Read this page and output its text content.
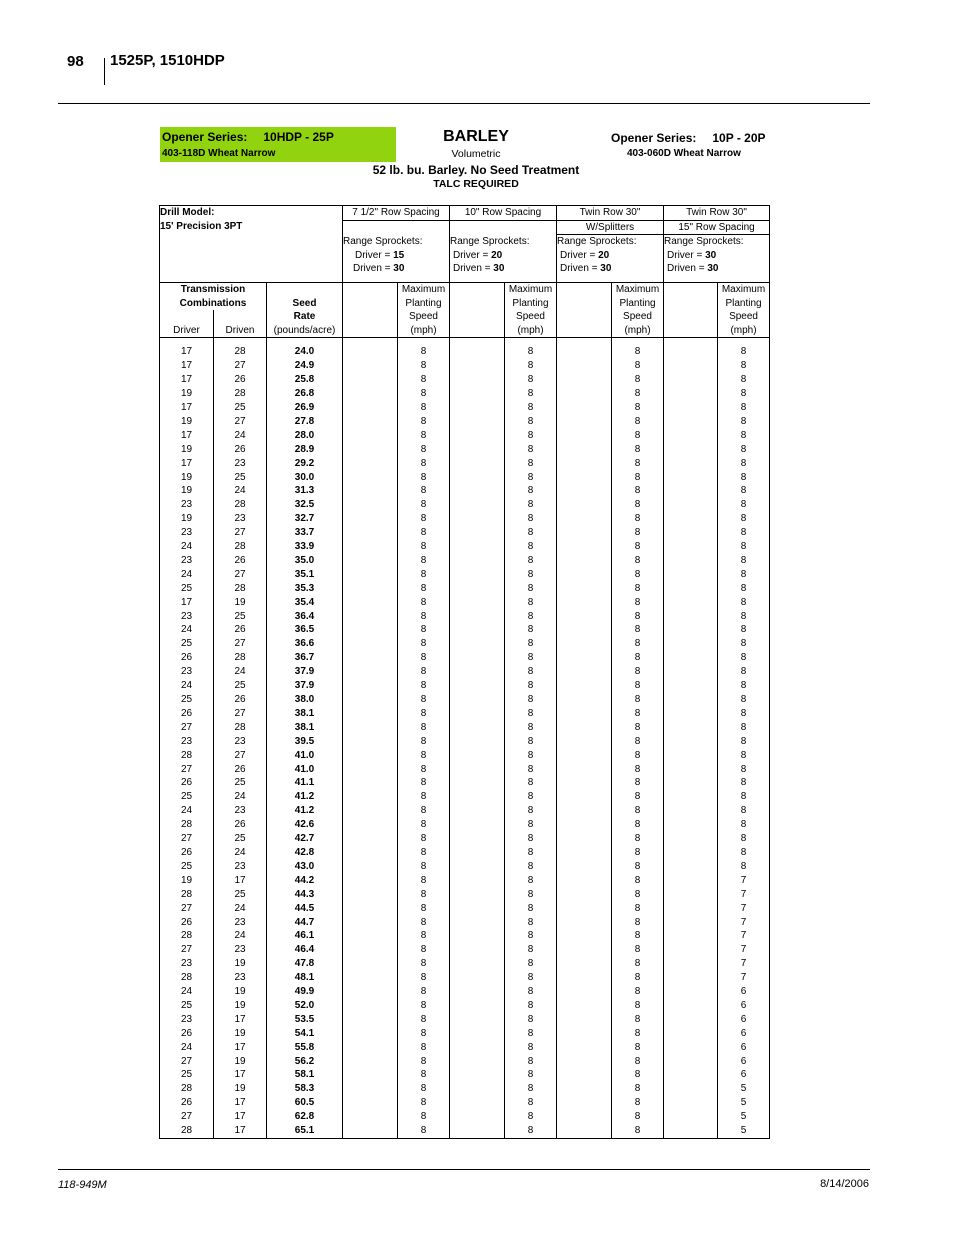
98 1525P, 1510HDP
Opener Series: 10HDP - 25P
403-118D Wheat Narrow
BARLEY
Volumetric
52 lb. bu. Barley. No Seed Treatment
TALC REQUIRED
Opener Series: 10P - 20P
403-060D Wheat Narrow
Drill Model:			7 1/2" Row Spacing		10" Row Spacing		Twin Row 30"		Twin Row 30"	
15' Precision 3PT							W/Splitters		15" Row Spacing	
			Range Sprockets:		Range Sprockets:		Range Sprockets:		Range Sprockets:	
			Driver = 15		Driver = 20		Driver = 20		Driver = 30	
			Driven = 30		Driven = 30		Driven = 30		Driven = 30	

Transmission				Maximum		Maximum		Maximum		Maximum
Combinations		Seed		Planting		Planting		Planting		Planting
		Rate		Speed		Speed		Speed		Speed
Driver	Driven	(pounds/acre)		(mph)		(mph)		(mph)		(mph)

17	28	24.0		8		8		8		8
17	27	24.9		8		8		8		8
17	26	25.8		8		8		8		8
19	28	26.8		8		8		8		8
17	25	26.9		8		8		8		8
19	27	27.8		8		8		8		8
17	24	28.0		8		8		8		8
19	26	28.9		8		8		8		8
17	23	29.2		8		8		8		8
19	25	30.0		8		8		8		8
19	24	31.3		8		8		8		8
23	28	32.5		8		8		8		8
19	23	32.7		8		8		8		8
23	27	33.7		8		8		8		8
24	28	33.9		8		8		8		8
23	26	35.0		8		8		8		8
24	27	35.1		8		8		8		8
25	28	35.3		8		8		8		8
17	19	35.4		8		8		8		8
23	25	36.4		8		8		8		8
24	26	36.5		8		8		8		8
25	27	36.6		8		8		8		8
26	28	36.7		8		8		8		8
23	24	37.9		8		8		8		8
24	25	37.9		8		8		8		8
25	26	38.0		8		8		8		8
26	27	38.1		8		8		8		8
27	28	38.1		8		8		8		8
23	23	39.5		8		8		8		8
28	27	41.0		8		8		8		8
27	26	41.0		8		8		8		8
26	25	41.1		8		8		8		8
25	24	41.2		8		8		8		8
24	23	41.2		8		8		8		8
28	26	42.6		8		8		8		8
27	25	42.7		8		8		8		8
26	24	42.8		8		8		8		8
25	23	43.0		8		8		8		8
19	17	44.2		8		8		8		7
28	25	44.3		8		8		8		7
27	24	44.5		8		8		8		7
26	23	44.7		8		8		8		7
28	24	46.1		8		8		8		7
27	23	46.4		8		8		8		7
23	19	47.8		8		8		8		7
28	23	48.1		8		8		8		7
24	19	49.9		8		8		8		6
25	19	52.0		8		8		8		6
23	17	53.5		8		8		8		6
26	19	54.1		8		8		8		6
24	17	55.8		8		8		8		6
27	19	56.2		8		8		8		6
25	17	58.1		8		8		8		6
28	19	58.3		8		8		8		5
26	17	60.5		8		8		8		5
27	17	62.8		8		8		8		5
28	17	65.1		8		8		8		5
118-949M	8/14/2006
